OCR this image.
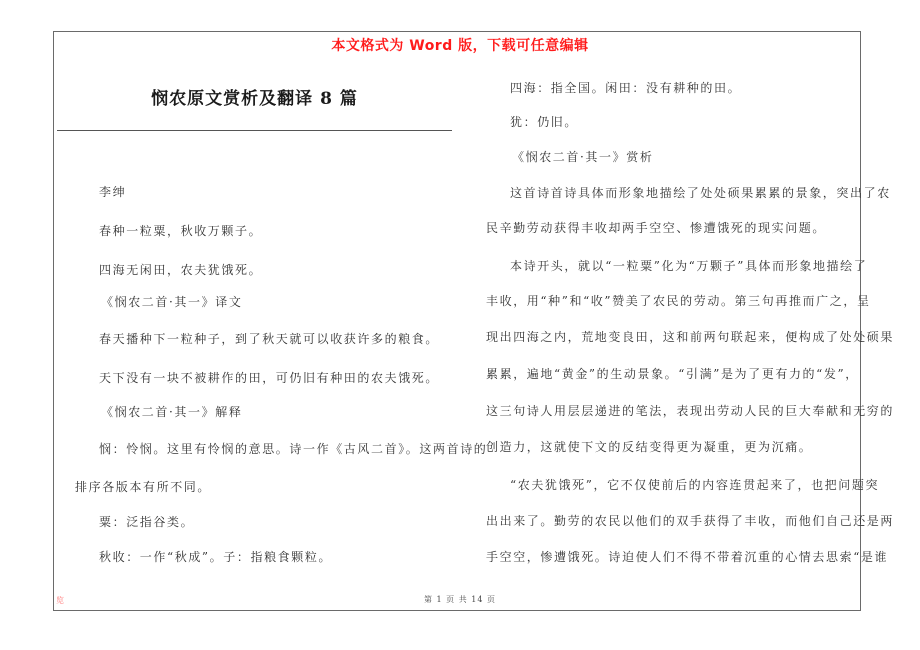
本文格式为 Word 版，下载可任意编辑
悯农原文赏析及翻译 8 篇
李绅
春种一粒粟，秋收万颗子。
四海无闲田，农夫犹饿死。
《悯农二首·其一》译文
春天播种下一粒种子，到了秋天就可以收获许多的粮食。
天下没有一块不被耕作的田，可仍旧有种田的农夫饿死。
《悯农二首·其一》解释
悯：怜悯。这里有怜悯的意思。诗一作《古风二首》。这两首诗的
排序各版本有所不同。
粟：泛指谷类。
秋收：一作“秋成”。子：指粮食颗粒。
四海：指全国。闲田：没有耕种的田。
犹：仍旧。
《悯农二首·其一》赏析
这首诗首诗具体而形象地描绘了处处硕果累累的景象，突出了农
民辛勤劳动获得丰收却两手空空、惨遭饿死的现实问题。
本诗开头，就以“一粒粟”化为“万颗子”具体而形象地描绘了
丰收，用“种”和“收”赞美了农民的劳动。第三句再推而广之，呈
现出四海之内，荒地变良田，这和前两句联起来，便构成了处处硕果
累累，遍地“黄金”的生动景象。“引满”是为了更有力的“发”，
这三句诗人用层层递进的笔法，表现出劳动人民的巨大奉献和无穷的
创造力，这就使下文的反结变得更为凝重，更为沉痛。
“农夫犹饿死”，它不仅使前后的内容连贯起来了，也把问题突
出出来了。勤劳的农民以他们的双手获得了丰收，而他们自己还是两
手空空，惨遭饿死。诗迫使人们不得不带着沉重的心情去思索“是谁
览	第 1 页 共 14 页
